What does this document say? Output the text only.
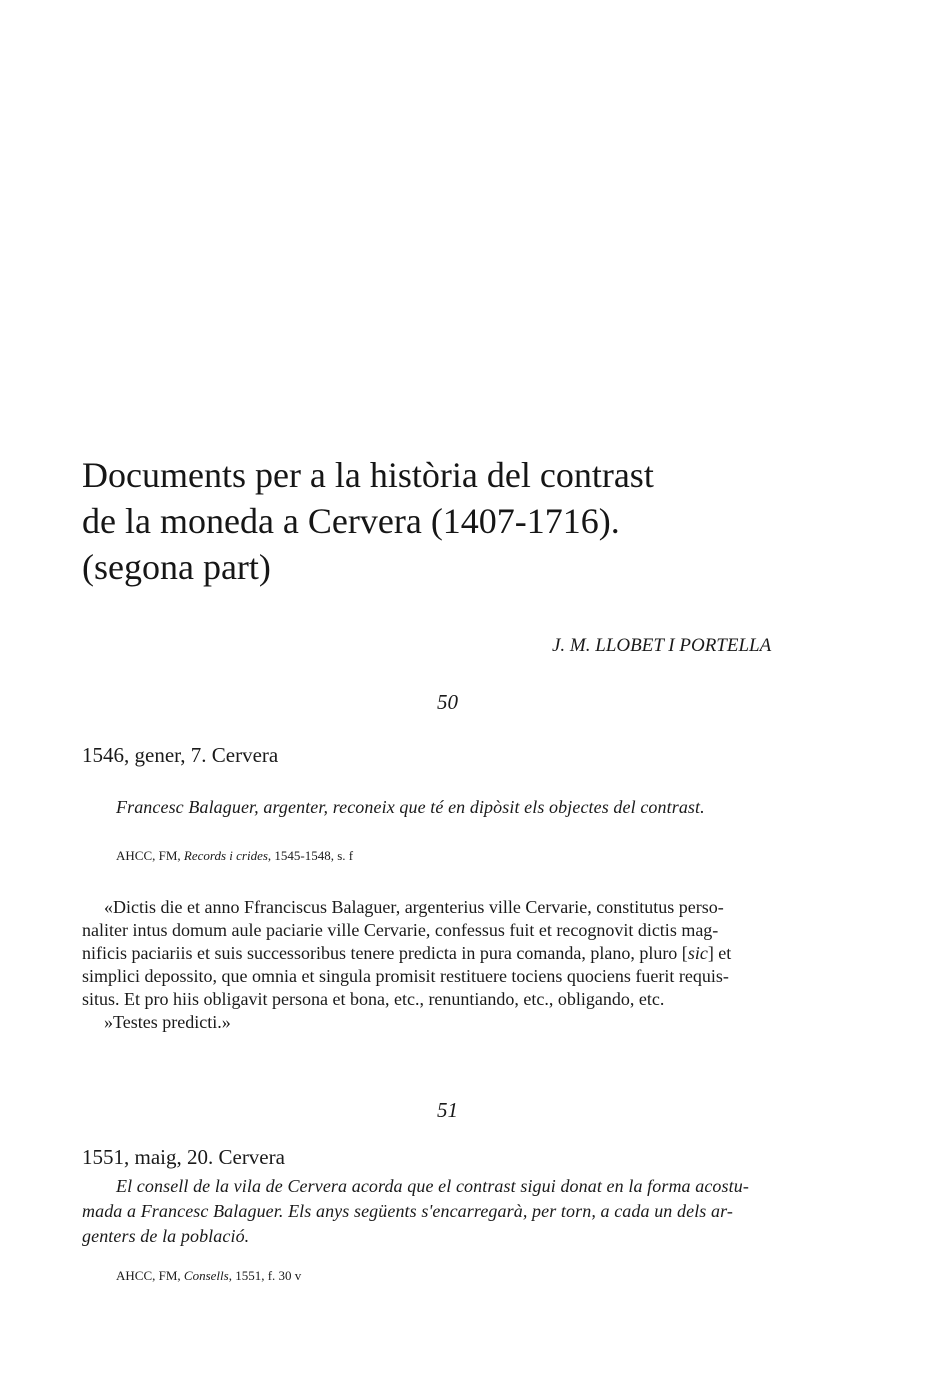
Documents per a la història del contrast
de la moneda a Cervera (1407-1716).
(segona part)
J. M. LLOBET I PORTELLA
50
1546, gener, 7. Cervera
Francesc Balaguer, argenter, reconeix que té en dipòsit els objectes del contrast.
AHCC, FM, Records i crides, 1545-1548, s. f
«Dictis die et anno Ffranciscus Balaguer, argenterius ville Cervarie, constitutus perso-
naliter intus domum aule paciarie ville Cervarie, confessus fuit et recognovit dictis mag-
nificis paciariis et suis successoribus tenere predicta in pura comanda, plano, pluro [sic] et
simplici depossito, que omnia et singula promisit restituere tociens quociens fuerit requis-
situs. Et pro hiis obligavit persona et bona, etc., renuntiando, etc., obligando, etc.
»Testes predicti.»
51
1551, maig, 20. Cervera
El consell de la vila de Cervera acorda que el contrast sigui donat en la forma acostu-
mada a Francesc Balaguer. Els anys següents s'encarregarà, per torn, a cada un dels ar-
genters de la població.
AHCC, FM, Consells, 1551, f. 30 v
